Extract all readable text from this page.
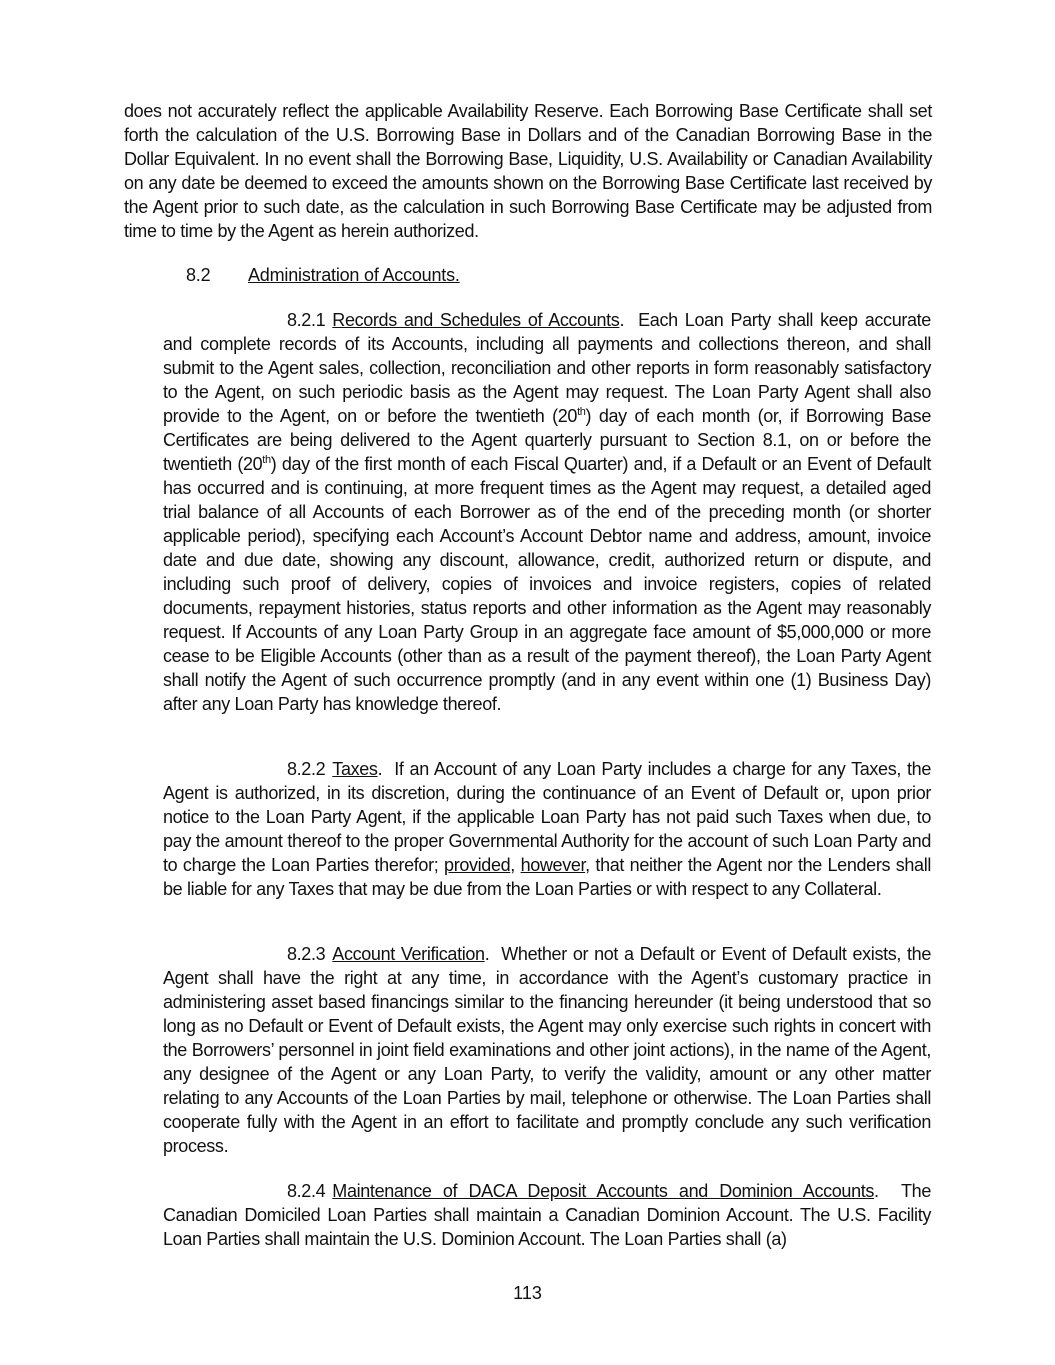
does not accurately reflect the applicable Availability Reserve. Each Borrowing Base Certificate shall set forth the calculation of the U.S. Borrowing Base in Dollars and of the Canadian Borrowing Base in the Dollar Equivalent. In no event shall the Borrowing Base, Liquidity, U.S. Availability or Canadian Availability on any date be deemed to exceed the amounts shown on the Borrowing Base Certificate last received by the Agent prior to such date, as the calculation in such Borrowing Base Certificate may be adjusted from time to time by the Agent as herein authorized.

8.2 Administration of Accounts.

8.2.1 Records and Schedules of Accounts. Each Loan Party shall keep accurate and complete records of its Accounts, including all payments and collections thereon, and shall submit to the Agent sales, collection, reconciliation and other reports in form reasonably satisfactory to the Agent, on such periodic basis as the Agent may request. The Loan Party Agent shall also provide to the Agent, on or before the twentieth (20th) day of each month (or, if Borrowing Base Certificates are being delivered to the Agent quarterly pursuant to Section 8.1, on or before the twentieth (20th) day of the first month of each Fiscal Quarter) and, if a Default or an Event of Default has occurred and is continuing, at more frequent times as the Agent may request, a detailed aged trial balance of all Accounts of each Borrower as of the end of the preceding month (or shorter applicable period), specifying each Account’s Account Debtor name and address, amount, invoice date and due date, showing any discount, allowance, credit, authorized return or dispute, and including such proof of delivery, copies of invoices and invoice registers, copies of related documents, repayment histories, status reports and other information as the Agent may reasonably request. If Accounts of any Loan Party Group in an aggregate face amount of $5,000,000 or more cease to be Eligible Accounts (other than as a result of the payment thereof), the Loan Party Agent shall notify the Agent of such occurrence promptly (and in any event within one (1) Business Day) after any Loan Party has knowledge thereof.

8.2.2 Taxes. If an Account of any Loan Party includes a charge for any Taxes, the Agent is authorized, in its discretion, during the continuance of an Event of Default or, upon prior notice to the Loan Party Agent, if the applicable Loan Party has not paid such Taxes when due, to pay the amount thereof to the proper Governmental Authority for the account of such Loan Party and to charge the Loan Parties therefor; provided, however, that neither the Agent nor the Lenders shall be liable for any Taxes that may be due from the Loan Parties or with respect to any Collateral.

8.2.3 Account Verification. Whether or not a Default or Event of Default exists, the Agent shall have the right at any time, in accordance with the Agent’s customary practice in administering asset based financings similar to the financing hereunder (it being understood that so long as no Default or Event of Default exists, the Agent may only exercise such rights in concert with the Borrowers’ personnel in joint field examinations and other joint actions), in the name of the Agent, any designee of the Agent or any Loan Party, to verify the validity, amount or any other matter relating to any Accounts of the Loan Parties by mail, telephone or otherwise. The Loan Parties shall cooperate fully with the Agent in an effort to facilitate and promptly conclude any such verification process.

8.2.4 Maintenance of DACA Deposit Accounts and Dominion Accounts. The Canadian Domiciled Loan Parties shall maintain a Canadian Dominion Account. The U.S. Facility Loan Parties shall maintain the U.S. Dominion Account. The Loan Parties shall (a)

113
